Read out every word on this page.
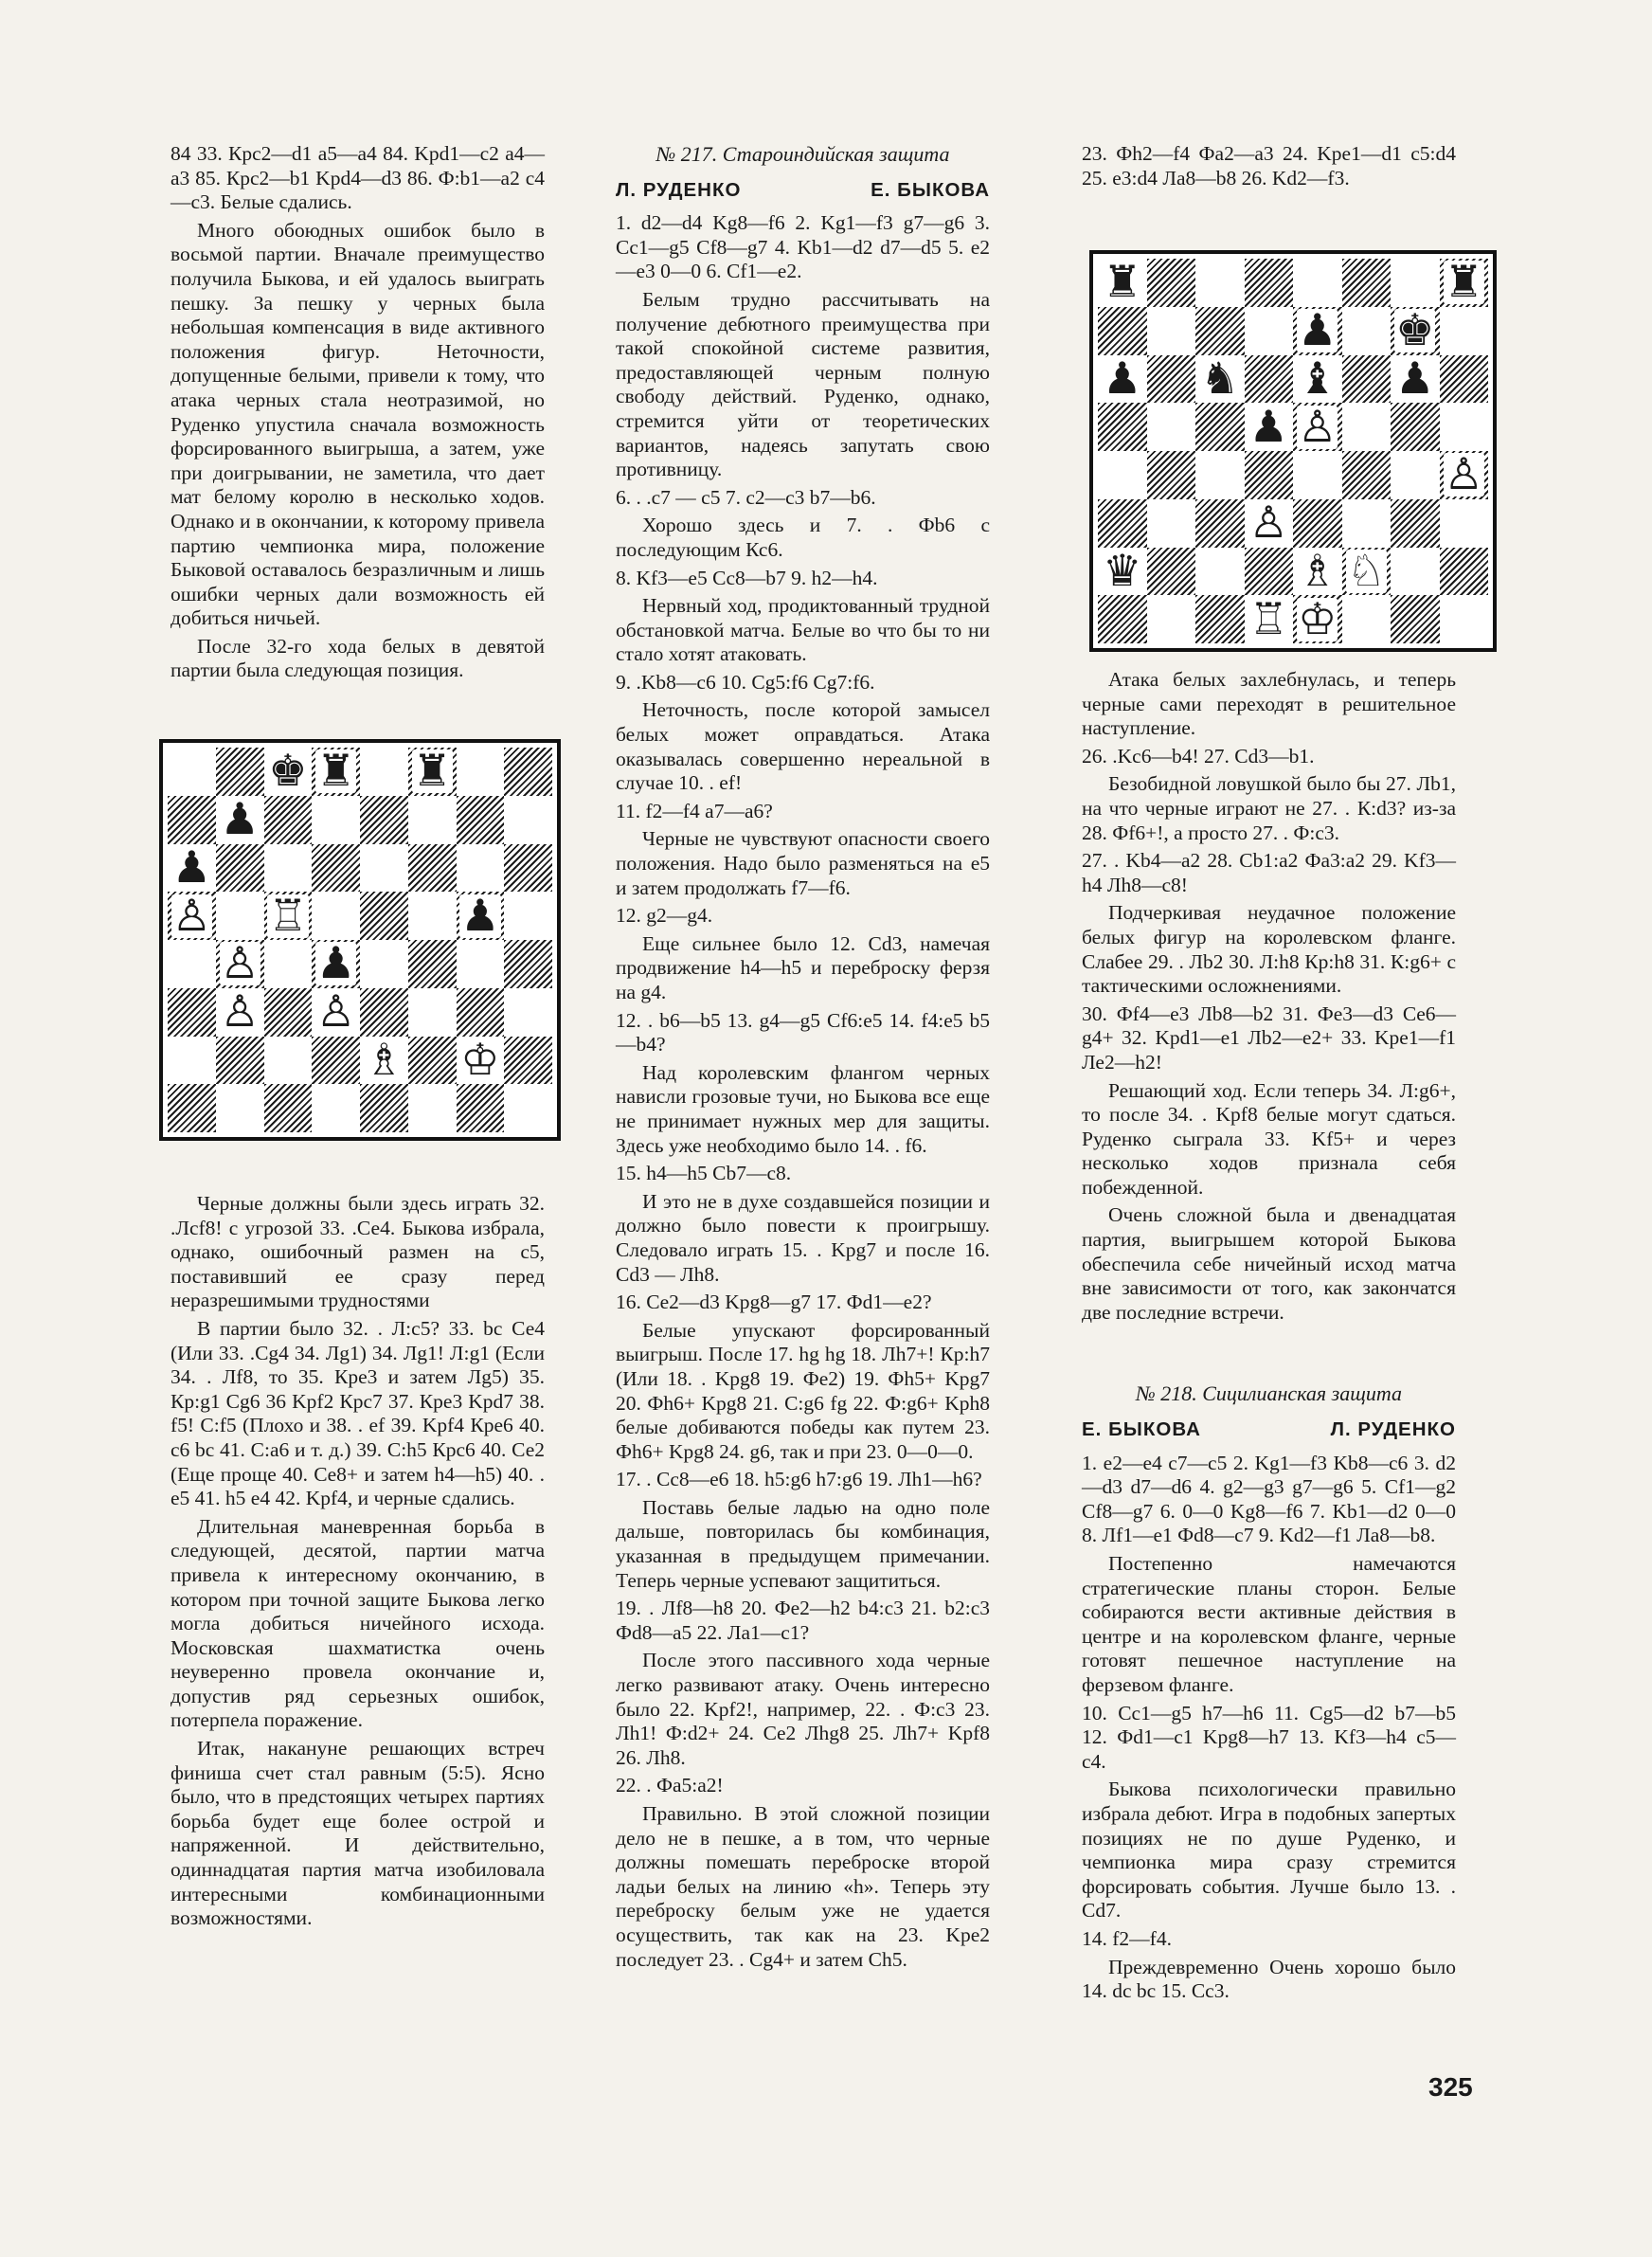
84 33. Крс2—d1 а5—а4 84. Kpd1—c2 a4—a3 85. Крс2—b1 Kpd4—d3 86. Ф:b1—a2 c4—c3. Белые сдались.

Много обоюдных ошибок было в восьмой партии. Вначале преимущество получила Быкова, и ей удалось выиграть пешку. За пешку у черных была небольшая компенсация в виде активного положения фигур. Неточности, допущенные белыми, привели к тому, что атака черных стала неотразимой, но Руденко упустила сначала возможность форсированного выигрыша, а затем, уже при доигрывании, не заметила, что дает мат белому королю в несколько ходов. Однако и в окончании, к которому привела партию чемпионка мира, положение Быковой оставалось безразличным и лишь ошибки черных дали возможность ей добиться ничьей.

После 32-го хода белых в девятой партии была следующая позиция.

♚ ♜ ♜
♟
♟
♙ ♖	♟
♙ ♟
♙ ♙
♗ ♔

Черные должны были здесь играть 32. .Лcf8! с угрозой 33. .Се4. Быкова избрала, однако, ошибочный размен на с5, поставивший ее сразу перед неразрешимыми трудностями

В партии было 32. . Л:с5? 33. bc Се4 (Или 33. .Cg4 34. Лg1) 34. Лg1! Л:g1 (Если 34. . Лf8, то 35. Крe3 и затем Лg5) 35. Кр:g1 Cg6 36 Kpf2 Крс7 37. Кре3 Kpd7 38. f5! C:f5 (Плохо и 38. . ef 39. Kpf4 Крe6 40. c6 bc 41. С:а6 и т. д.) 39. C:h5 Крс6 40. Се2 (Еще проще 40. Ce8+ и затем h4—h5) 40. . e5 41. h5 e4 42. Kpf4, и черные сдались.

Длительная маневренная борьба в следующей, десятой, партии матча привела к интересному окончанию, в котором при точной защите Быкова легко могла добиться ничейного исхода. Московская шахматистка очень неуверенно провела окончание и, допустив ряд серьезных ошибок, потерпела поражение.

Итак, накануне решающих встреч финиша счет стал равным (5:5). Ясно было, что в предстоящих четырех партиях борьба будет еще более острой и напряженной. И действительно, одиннадцатая партия матча изобиловала интересными комбинационными возможностями.

№ 217. Староиндийская защита
Л. РУДЕНКО	Е. БЫКОВА

1. d2—d4 Kg8—f6 2. Kg1—f3 g7—g6 3. Cc1—g5 Cf8—g7 4. Kb1—d2 d7—d5 5. e2—e3 0—0 6. Cf1—e2.

Белым трудно рассчитывать на получение дебютного преимущества при такой спокойной системе развития, предоставляющей черным полную свободу действий. Руденко, однако, стремится уйти от теоретических вариантов, надеясь запутать свою противницу.

6. . .c7 — c5 7. c2—c3 b7—b6.

Хорошо здесь и 7. . Фb6 с последующим Кс6.

8. Kf3—e5 Cc8—b7 9. h2—h4.

Нервный ход, продиктованный трудной обстановкой матча. Белые во что бы то ни стало хотят атаковать.

9. .Kb8—c6 10. Cg5:f6 Cg7:f6.

Неточность, после которой замысел белых может оправдаться. Атака оказывалась совершенно нереальной в случае 10. . ef!

11. f2—f4 a7—a6?

Черные не чувствуют опасности своего положения. Надо было разменяться на е5 и затем продолжать f7—f6.

12. g2—g4.

Еще сильнее было 12. Cd3, намечая продвижение h4—h5 и переброску ферзя на g4.

12. . b6—b5 13. g4—g5 Cf6:e5 14. f4:e5 b5—b4?

Над королевским флангом черных нависли грозовые тучи, но Быкова все еще не принимает нужных мер для защиты. Здесь уже необходимо было 14. . f6.

15. h4—h5 Cb7—c8.

И это не в духе создавшейся позиции и должно было повести к проигрышу. Следовало играть 15. . Kpg7 и после 16. Cd3 — Лh8.

16. Ce2—d3 Kpg8—g7 17. Фd1—e2?

Белые упускают форсированный выигрыш. После 17. hg hg 18. Лh7+! Кр:h7 (Или 18. . Kpg8 19. Фe2) 19. Фh5+ Kpg7 20. Фh6+ Kpg8 21. С:g6 fg 22. Ф:g6+ Kph8 белые добиваются победы как путем 23. Фh6+ Kpg8 24. g6, так и при 23. 0—0—0.

17. . Cc8—e6 18. h5:g6 h7:g6 19. Лh1—h6?

Поставь белые ладью на одно поле дальше, повторилась бы комбинация, указанная в предыдущем примечании. Теперь черные успевают защититься.

19. . Лf8—h8 20. Фe2—h2 b4:c3 21. b2:c3 Фd8—a5 22. Ла1—c1?

После этого пассивного хода черные легко развивают атаку. Очень интересно было 22. Kpf2!, например, 22. . Ф:с3 23. Лh1! Ф:d2+ 24. Ce2 Лhg8 25. Лh7+ Kpf8 26. Лh8.

22. . Фa5:a2!

Правильно. В этой сложной позиции дело не в пешке, а в том, что черные должны помешать переброске второй ладьи белых на линию «h». Теперь эту переброску белым уже не удается осуществить, так как на 23. Kpe2 последует 23. . Cg4+ и затем Ch5.

23. Фh2—f4 Фa2—a3 24. Kpe1—d1 c5:d4 25. e3:d4 Ла8—b8 26. Kd2—f3.

♜	♜
♟ ♚
♟ ♞ ♝ ♟
♟ ♙
♙
♙
♛	♗ ♘
♖ ♔

Атака белых захлебнулась, и теперь черные сами переходят в решительное наступление.

26. .Kc6—b4! 27. Cd3—b1.

Безобидной ловушкой было бы 27. Лb1, на что черные играют не 27. . К:d3? из-за 28. Фf6+!, а просто 27. . Ф:с3.

27. . Kb4—a2 28. Cb1:a2 Фа3:a2 29. Kf3—h4 Лh8—c8!

Подчеркивая неудачное положение белых фигур на королевском фланге. Слабее 29. . Лb2 30. Л:h8 Кр:h8 31. К:g6+ с тактическими осложнениями.

30. Фf4—e3 Лb8—b2 31. Фe3—d3 Ce6—g4+ 32. Kpd1—e1 Лb2—e2+ 33. Kpe1—f1 Ле2—h2!

Решающий ход. Если теперь 34. Л:g6+, то после 34. . Kpf8 белые могут сдаться. Руденко сыграла 33. Kf5+ и через несколько ходов признала себя побежденной.

Очень сложной была и двенадцатая партия, выигрышем которой Быкова обеспечила себе ничейный исход матча вне зависимости от того, как закончатся две последние встречи.

№ 218. Сицилианская защита
Е. БЫКОВА	Л. РУДЕНКО

1. e2—e4 c7—c5 2. Kg1—f3 Kb8—c6 3. d2—d3 d7—d6 4. g2—g3 g7—g6 5. Cf1—g2 Cf8—g7 6. 0—0 Kg8—f6 7. Kb1—d2 0—0 8. Лf1—e1 Фd8—c7 9. Kd2—f1 Ла8—b8.

Постепенно намечаются стратегические планы сторон. Белые собираются вести активные действия в центре и на королевском фланге, черные готовят пешечное наступление на ферзевом фланге.

10. Cc1—g5 h7—h6 11. Cg5—d2 b7—b5 12. Фd1—c1 Kpg8—h7 13. Kf3—h4 c5—c4.

Быкова психологически правильно избрала дебют. Игра в подобных запертых позициях не по душе Руденко, и чемпионка мира сразу стремится форсировать события. Лучше было 13. . Cd7.

14. f2—f4.

Преждевременно Очень хорошо было 14. dc bc 15. Cc3.

325
